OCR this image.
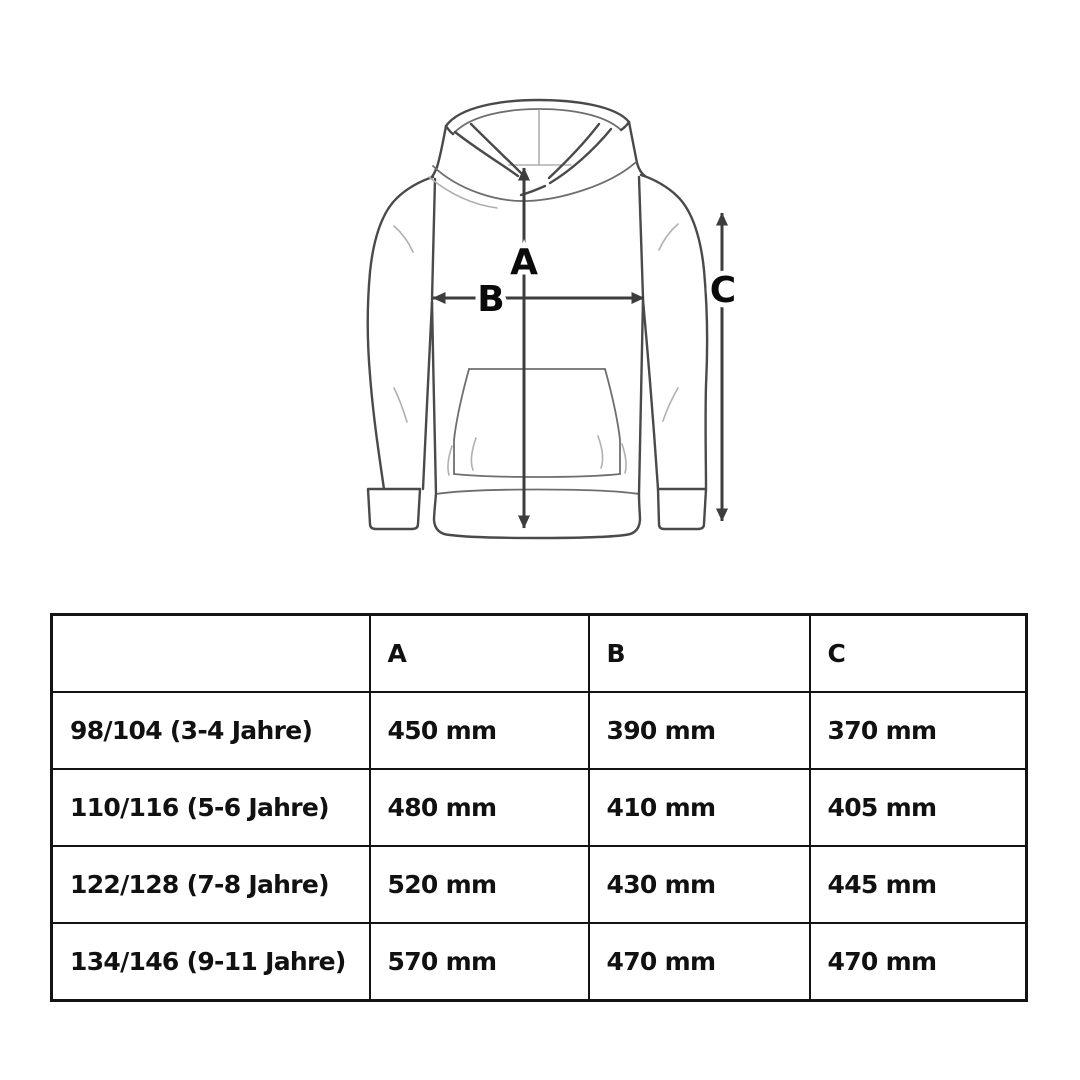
A
B	C
	A	B	C
98/104 (3-4 Jahre)	450 mm	390 mm	370 mm
110/116 (5-6 Jahre)	480 mm	410 mm	405 mm
122/128 (7-8 Jahre)	520 mm	430 mm	445 mm
134/146 (9-11 Jahre)	570 mm	470 mm	470 mm
